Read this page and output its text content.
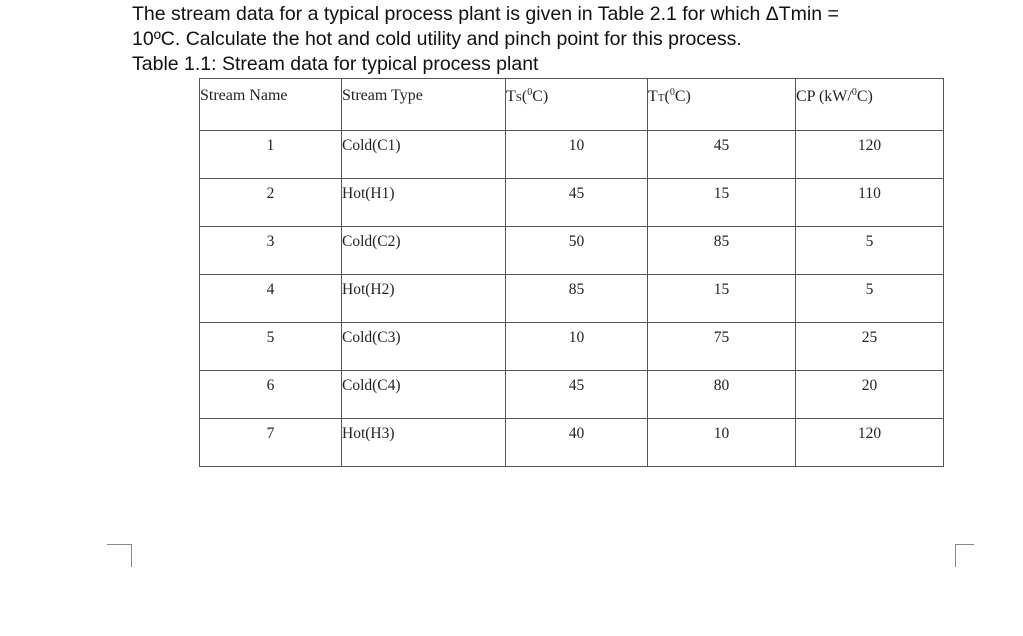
The stream data for a typical process plant is given in Table 2.1 for which ΔTmin =

10ºC. Calculate the hot and cold utility and pinch point for this process.

Table 1.1: Stream data for typical process plant

Stream Name	Stream Type	TS($^0$C)	TT($^0$C)	CP (kW/$^0$C)
1	Cold(C1)	10	45	120
2	Hot(H1)	45	15	110
3	Cold(C2)	50	85	5
4	Hot(H2)	85	15	5
5	Cold(C3)	10	75	25
6	Cold(C4)	45	80	20
7	Hot(H3)	40	10	120
